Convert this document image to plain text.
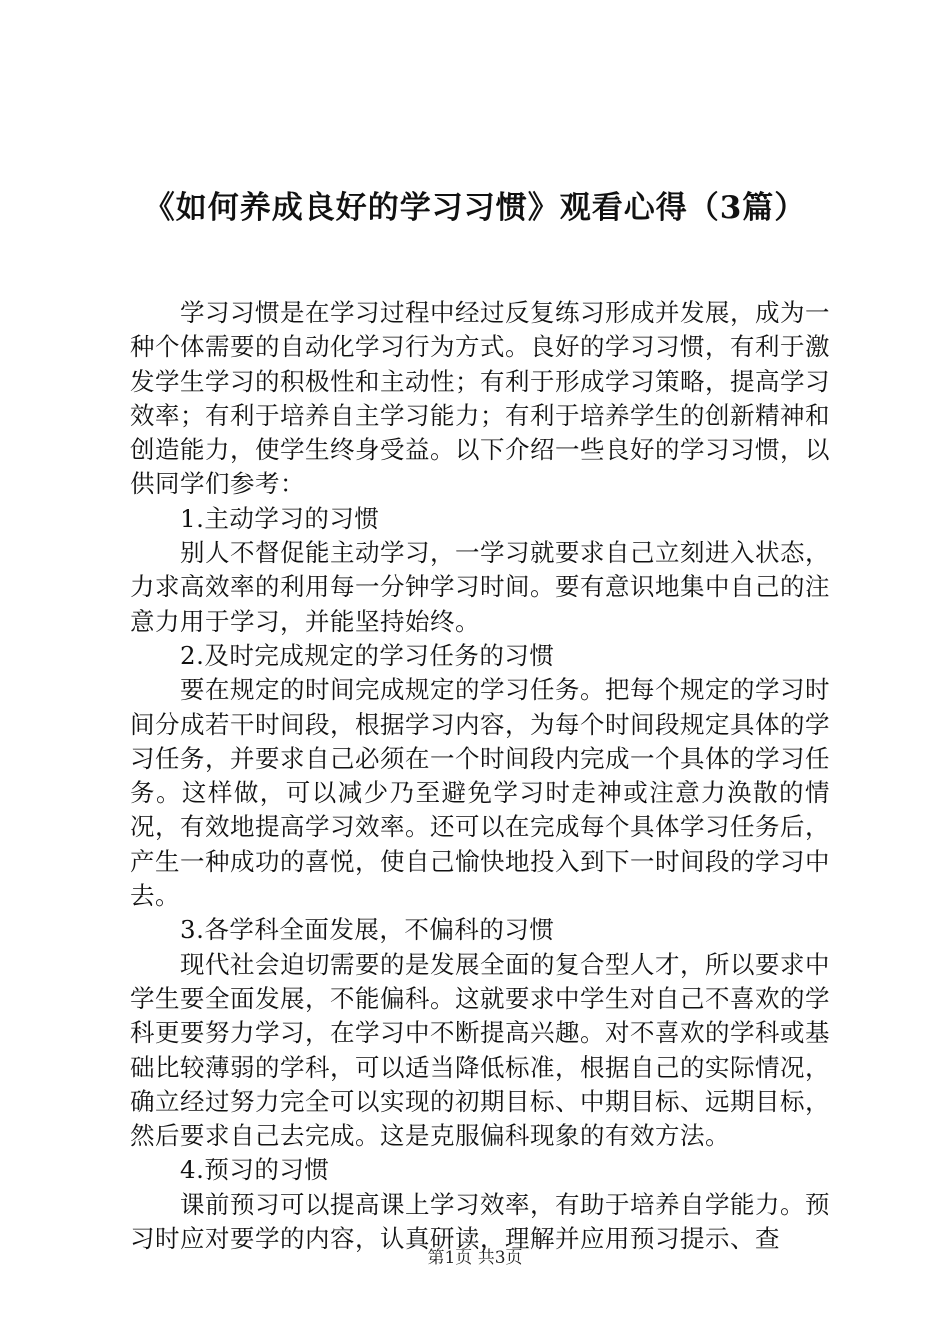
《如何养成良好的学习习惯》观看心得（3篇）

学习习惯是在学习过程中经过反复练习形成并发展，成为一种个体需要的自动化学习行为方式。良好的学习习惯，有利于激发学生学习的积极性和主动性；有利于形成学习策略，提高学习效率；有利于培养自主学习能力；有利于培养学生的创新精神和创造能力，使学生终身受益。以下介绍一些良好的学习习惯，以供同学们参考：

1.主动学习的习惯

别人不督促能主动学习，一学习就要求自己立刻进入状态，力求高效率的利用每一分钟学习时间。要有意识地集中自己的注意力用于学习，并能坚持始终。

2.及时完成规定的学习任务的习惯

要在规定的时间完成规定的学习任务。把每个规定的学习时间分成若干时间段，根据学习内容，为每个时间段规定具体的学习任务，并要求自己必须在一个时间段内完成一个具体的学习任务。这样做，可以减少乃至避免学习时走神或注意力涣散的情况，有效地提高学习效率。还可以在完成每个具体学习任务后，产生一种成功的喜悦，使自己愉快地投入到下一时间段的学习中去。

3.各学科全面发展，不偏科的习惯

现代社会迫切需要的是发展全面的复合型人才，所以要求中学生要全面发展，不能偏科。这就要求中学生对自己不喜欢的学科更要努力学习，在学习中不断提高兴趣。对不喜欢的学科或基础比较薄弱的学科，可以适当降低标准，根据自己的实际情况，确立经过努力完全可以实现的初期目标、中期目标、远期目标，然后要求自己去完成。这是克服偏科现象的有效方法。

4.预习的习惯

课前预习可以提高课上学习效率，有助于培养自学能力。预习时应对要学的内容，认真研读，理解并应用预习提示、查

第1页 共3页
